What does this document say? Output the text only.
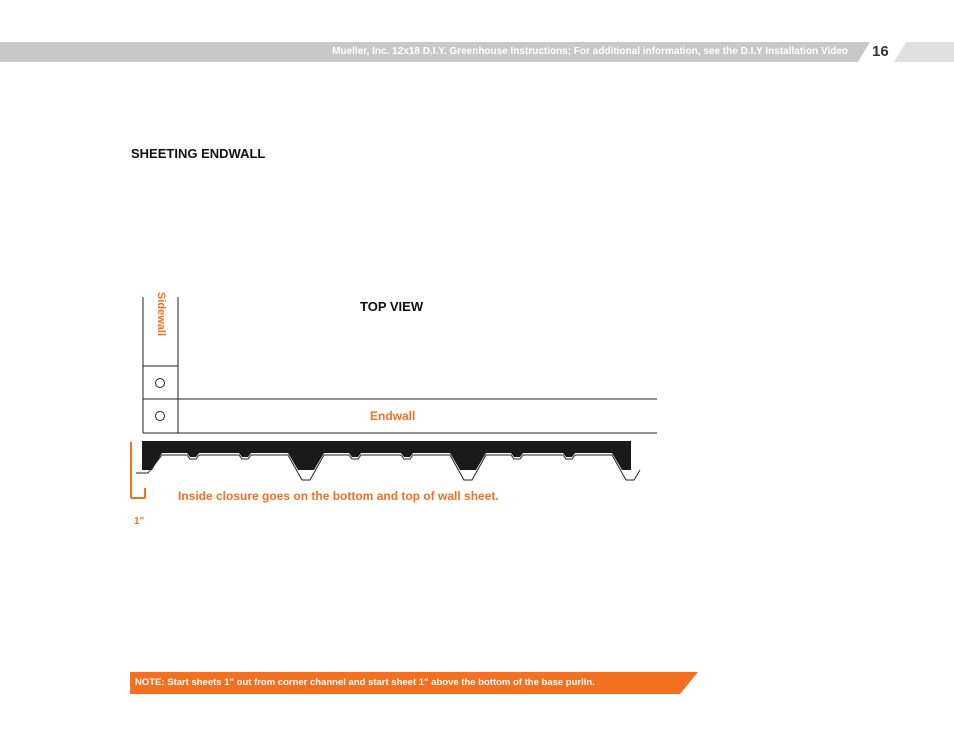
Mueller, Inc. 12x18 D.I.Y. Greenhouse Instructions; For additional information, see the D.I.Y Installation Video 16
SHEETING ENDWALL
Sidewall	TOP VIEW
Endwall
Inside closure goes on the bottom and top of wall sheet.
1"
NOTE: Start sheets 1" out from corner channel and start sheet 1" above the bottom of the base purlin.
